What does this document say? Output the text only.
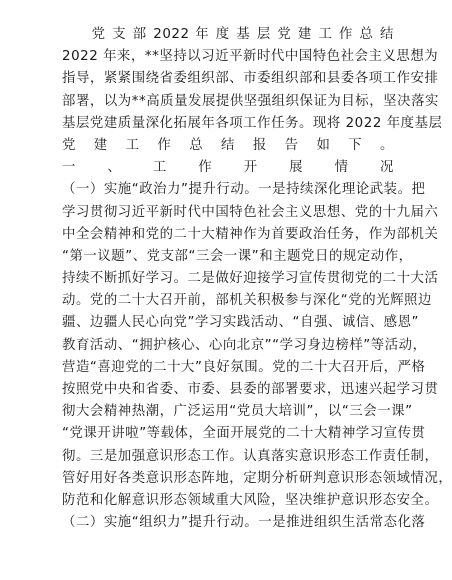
　　党 支 部 2022 年 度 基 层 党 建 工 作 总 结
2022 年来，**坚持以习近平新时代中国特色社会主义思想为
指导，紧紧围绕省委组织部、市委组织部和县委各项工作安排
部署，以为**高质量发展提供坚强组织保证为目标，坚决落实
基层党建质量深化拓展年各项工作任务。现将 2022 年度基层
党 建 工 作 总 结 报 告 如 下 。
一 、 工 作 开 展 情 况
（一）实施“政治力”提升行动。一是持续深化理论武装。把
学习贯彻习近平新时代中国特色社会主义思想、党的十九届六
中全会精神和党的二十大精神作为首要政治任务，作为部机关
“第一议题”、党支部“三会一课”和主题党日的规定动作，
持续不断抓好学习。二是做好迎接学习宣传贯彻党的二十大活
动。党的二十大召开前，部机关积极参与深化“党的光辉照边
疆、边疆人民心向党”学习实践活动、“自强、诚信、感恩”
教育活动、“拥护核心、心向北京”“学习身边榜样”等活动，
营造“喜迎党的二十大”良好氛围。党的二十大召开后，严格
按照党中央和省委、市委、县委的部署要求，迅速兴起学习贯
彻大会精神热潮，广泛运用“党员大培训”，以“三会一课”
“党课开讲啦”等载体，全面开展党的二十大精神学习宣传贯
彻。三是加强意识形态工作。认真落实意识形态工作责任制，
管好用好各类意识形态阵地，定期分析研判意识形态领域情况，
防范和化解意识形态领域重大风险，坚决维护意识形态安全。
（二）实施“组织力”提升行动。一是推进组织生活常态化落
